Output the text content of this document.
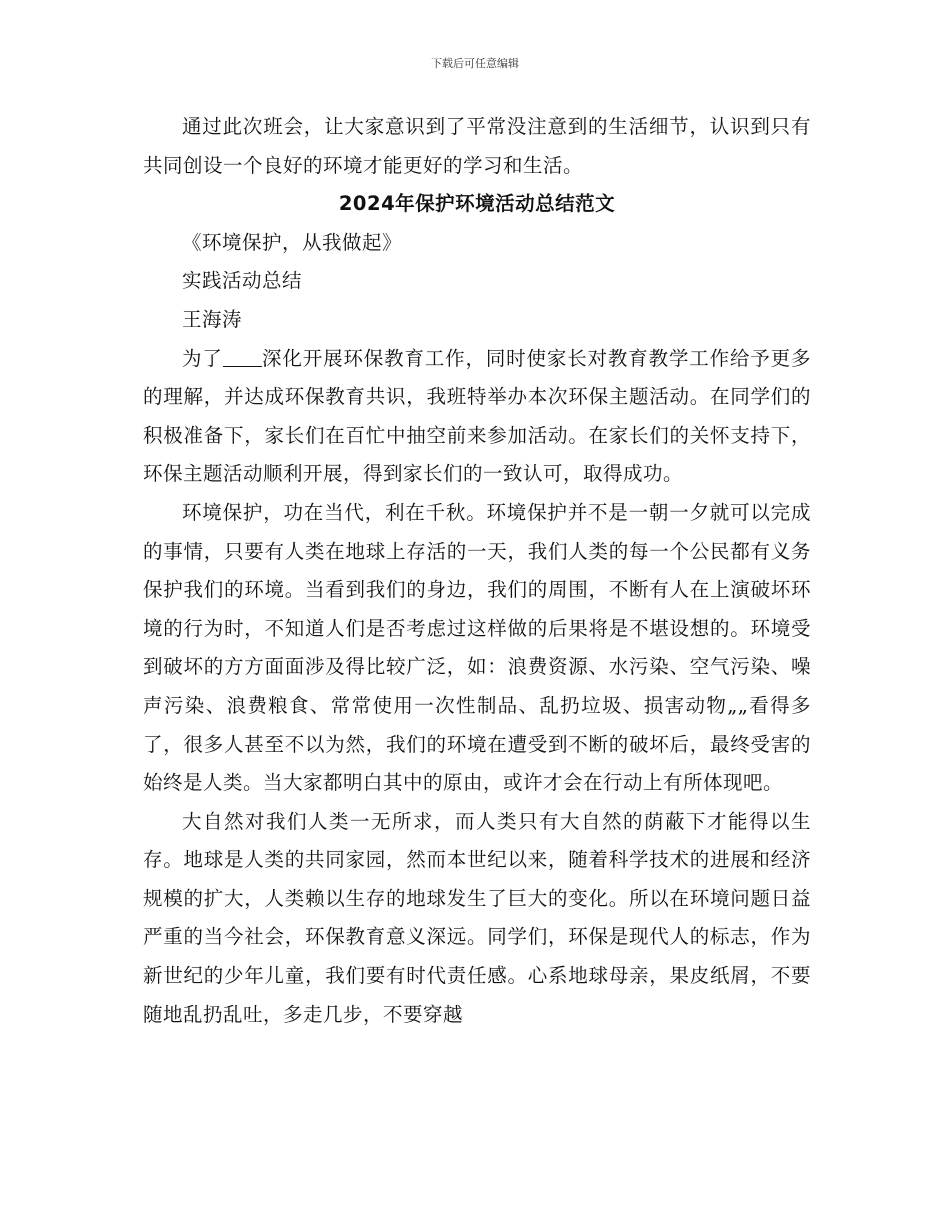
下载后可任意编辑

通过此次班会，让大家意识到了平常没注意到的生活细节，认识到只有共同创设一个良好的环境才能更好的学习和生活。

2024年保护环境活动总结范文

《环境保护，从我做起》

实践活动总结

王海涛

为了 深化开展环保教育工作，同时使家长对教育教学工作给予更多的理解，并达成环保教育共识，我班特举办本次环保主题活动。在同学们的积极准备下，家长们在百忙中抽空前来参加活动。在家长们的关怀支持下，环保主题活动顺利开展，得到家长们的一致认可，取得成功。

环境保护，功在当代，利在千秋。环境保护并不是一朝一夕就可以完成的事情，只要有人类在地球上存活的一天，我们人类的每一个公民都有义务保护我们的环境。当看到我们的身边，我们的周围，不断有人在上演破坏环境的行为时，不知道人们是否考虑过这样做的后果将是不堪设想的。环境受到破坏的方方面面涉及得比较广泛，如：浪费资源、水污染、空气污染、噪声污染、浪费粮食、常常使用一次性制品、乱扔垃圾、损害动物„„看得多了，很多人甚至不以为然，我们的环境在遭受到不断的破坏后，最终受害的始终是人类。当大家都明白其中的原由，或许才会在行动上有所体现吧。

大自然对我们人类一无所求，而人类只有大自然的荫蔽下才能得以生存。地球是人类的共同家园，然而本世纪以来，随着科学技术的进展和经济规模的扩大，人类赖以生存的地球发生了巨大的变化。所以在环境问题日益严重的当今社会，环保教育意义深远。同学们，环保是现代人的标志，作为新世纪的少年儿童，我们要有时代责任感。心系地球母亲，果皮纸屑，不要随地乱扔乱吐，多走几步，不要穿越
